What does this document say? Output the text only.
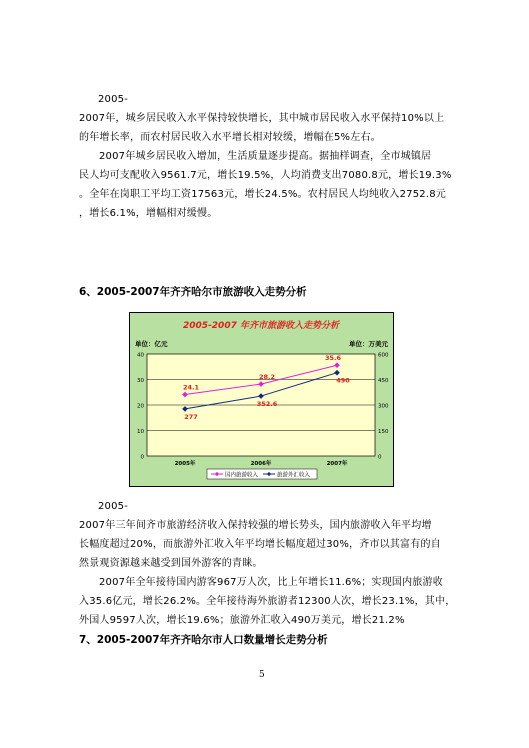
2005-
2007年，城乡居民收入水平保持较快增长，其中城市居民收入水平保持10%以上
的年增长率，而农村居民收入水平增长相对较缓，增幅在5%左右。
2007年城乡居民收入增加，生活质量逐步提高。据抽样调查，全市城镇居
民人均可支配收入9561.7元，增长19.5%，人均消费支出7080.8元，增长19.3%
。全年在岗职工平均工资17563元，增长24.5%。农村居民人均纯收入2752.8元
，增长6.1%，增幅相对缓慢。
6、2005-2007年齐齐哈尔市旅游收入走势分析
2005-2007 年齐市旅游收入走势分析
单位：亿元	单位：万美元
40	600
30	450
20	300
10	150
0	0
2005年	2006年	2007年
24.1
28.2
35.6
277
352.6
490
国内旅游收入	旅游外汇收入
2005-
2007年三年间齐市旅游经济收入保持较强的增长势头，国内旅游收入年平均增
长幅度超过20%，而旅游外汇收入年平均增长幅度超过30%，齐市以其富有的自
然景观资源越来越受到国外游客的青睐。
2007年全年接待国内游客967万人次，比上年增长11.6%；实现国内旅游收
入35.6亿元，增长26.2%。全年接待海外旅游者12300人次，增长23.1%，其中，
外国人9597人次，增长19.6%；旅游外汇收入490万美元，增长21.2%
7、2005-2007年齐齐哈尔市人口数量增长走势分析
5
